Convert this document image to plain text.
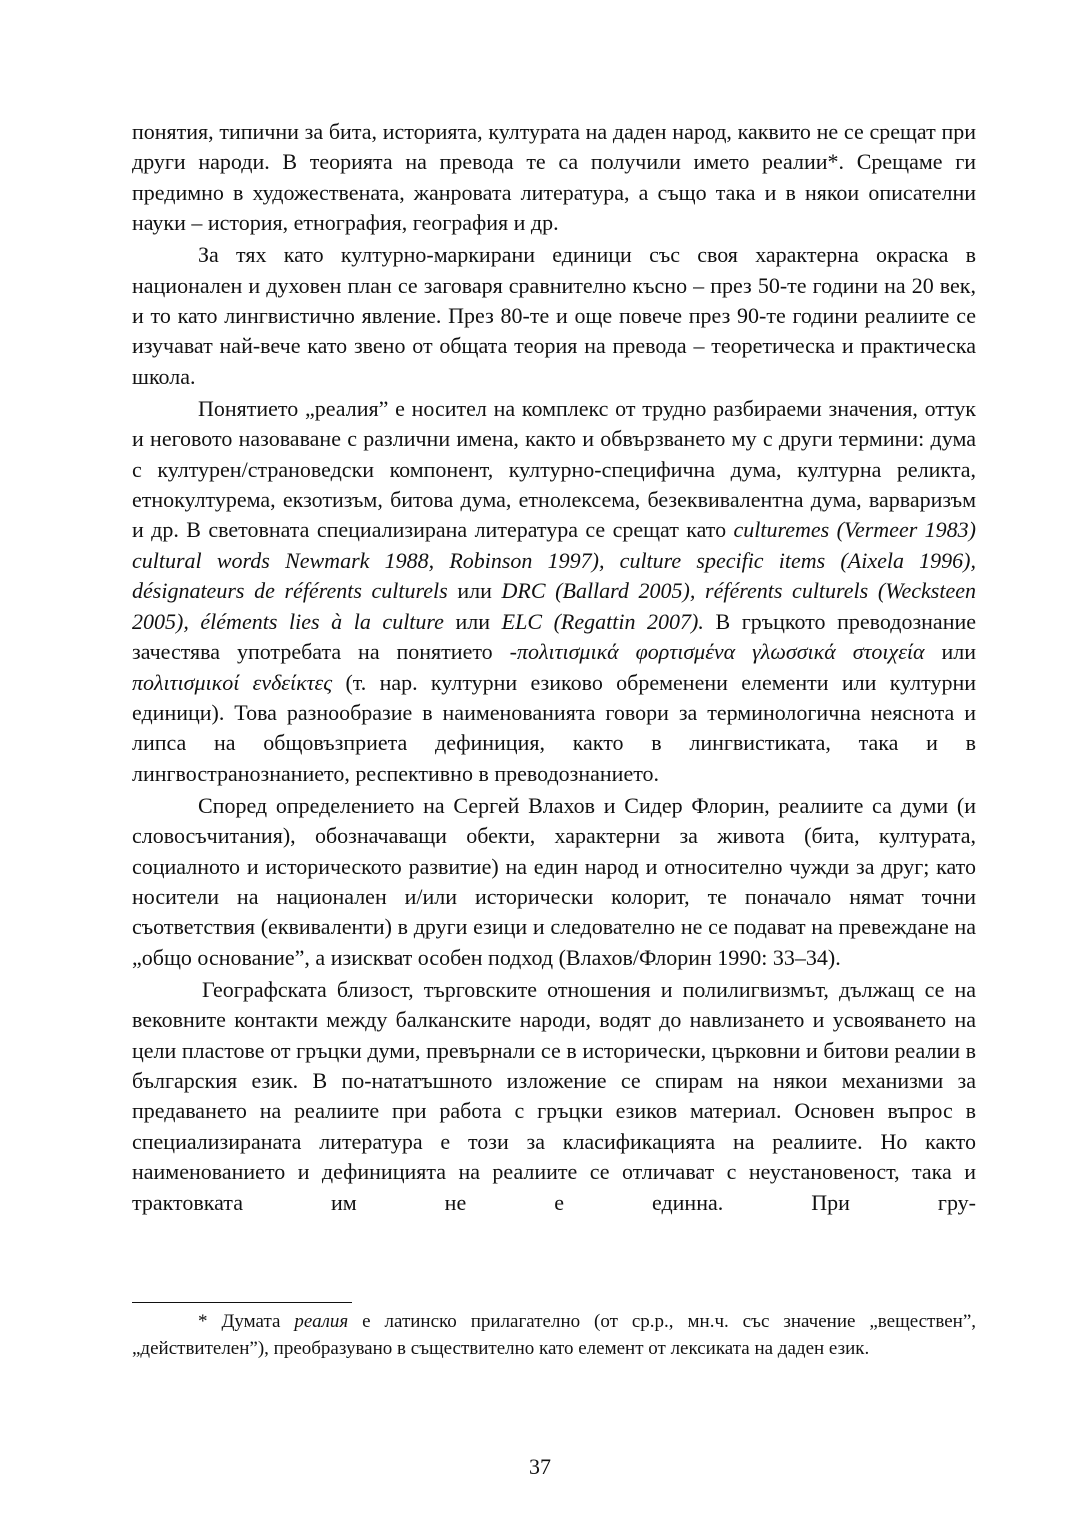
понятия, типични за бита, историята, културата на даден народ, каквито не се срещат при други народи. В теорията на превода те са получили името реалии*. Срещаме ги предимно в художествената, жанровата литература, а също така и в някои описателни науки – история, етнография, география и др.

За тях като културно-маркирани единици със своя характерна окраска в национален и духовен план се заговаря сравнително късно – през 50-те години на 20 век, и то като лингвистично явление. През 80-те и още повече през 90-те години реалиите се изучават най-вече като звено от общата теория на превода – теоретическа и практическа школа.

Понятието „реалия” е носител на комплекс от трудно разбираеми значения, оттук и неговото назоваване с различни имена, както и обвързването му с други термини: дума с културен/страноведски компонент, културно-специфична дума, културна реликта, етнокултурема, екзотизъм, битова дума, етнолексема, безеквивалентна дума, варваризъм и др. В световната специализирана литература се срещат като culturemes (Vermeer 1983) cultural words Newmark 1988, Robinson 1997), culture specific items (Aixela 1996), désignateurs de référents culturels или DRC (Ballard 2005), référents culturels (Wecksteen 2005), éléments lies à la culture или ELC (Regattin 2007). В гръцкото преводознание зачестява употребата на понятието -πολιτισμικά φορτισμένα γλωσσικά στοιχεία или πολιτισμικοί ενδείκτες (т. нар. културни езиково обременени елементи или културни единици). Това разнообразие в наименованията говори за терминологична неяснота и липса на общовъзприета дефиниция, както в лингвистиката, така и в лингвостранознанието, респективно в преводознанието.

Според определението на Сергей Влахов и Сидер Флорин, реалиите са думи (и словосъчитания), обозначаващи обекти, характерни за живота (бита, културата, социалното и историческото развитие) на един народ и относително чужди за друг; като носители на национален и/или исторически колорит, те поначало нямат точни съответствия (еквиваленти) в други езици и следователно не се подават на превеждане на „общо основание”, а изискват особен подход (Влахов/Флорин 1990: 33–34).

Географската близост, търговските отношения и полилигвизмът, дължащ се на вековните контакти между балканските народи, водят до навлизането и усвояването на цели пластове от гръцки думи, превърнали се в исторически, църковни и битови реалии в българския език. В по-нататъшното изложение се спирам на някои механизми за предаването на реалиите при работа с гръцки езиков материал. Основен въпрос в специализираната литература е този за класификацията на реалиите. Но както наименованието и дефиницията на реалиите се отличават с неустановеност, така и трактовката им не е единна. При гру-

* Думата реалия е латинско прилагателно (от ср.р., мн.ч. със значение „веществен”, „действителен”), преобразувано в съществително като елемент от лексиката на даден език.

37
